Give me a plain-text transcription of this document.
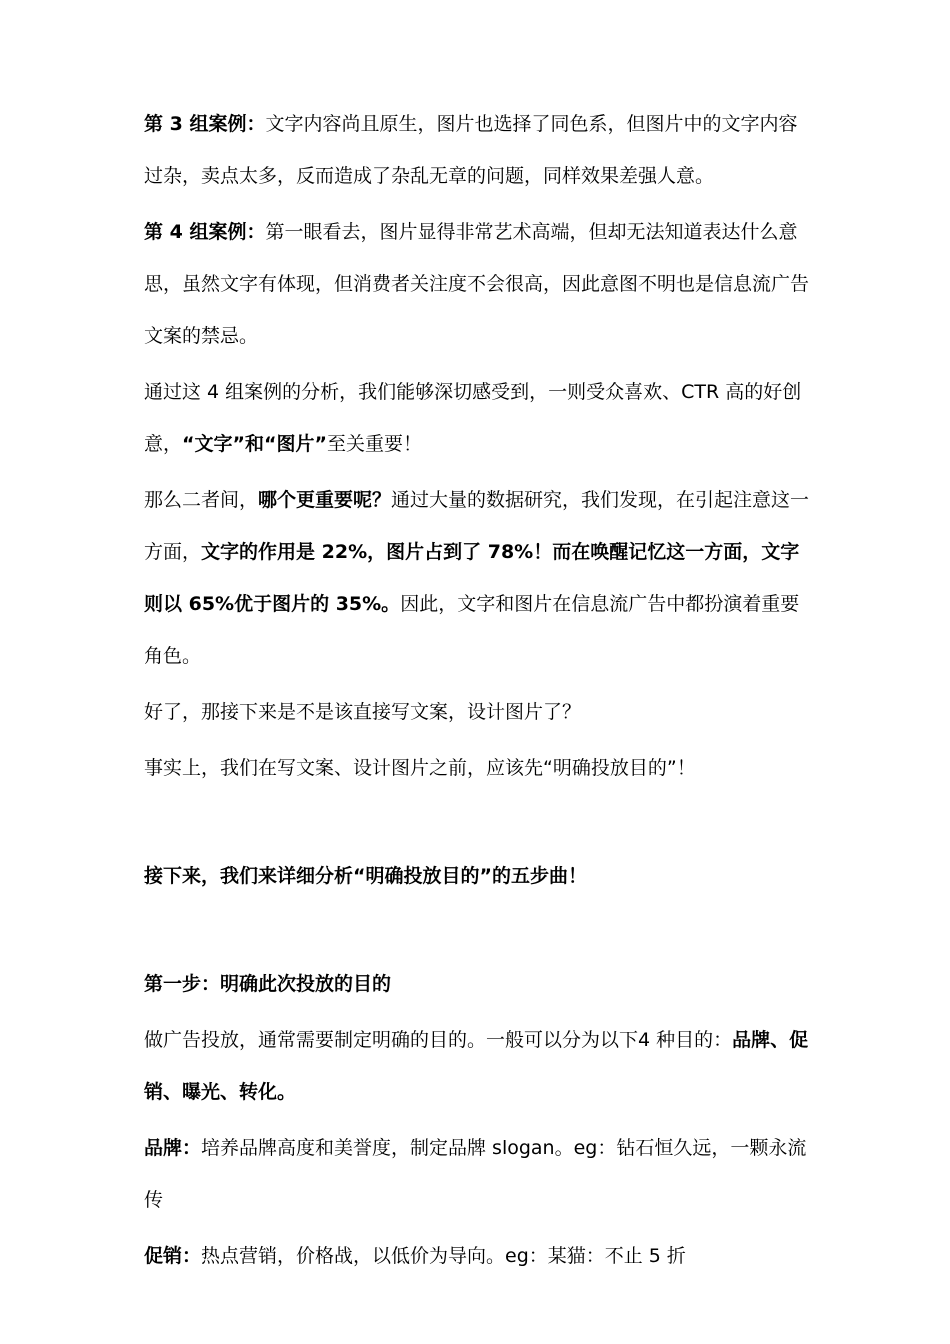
第 3 组案例：文字内容尚且原生，图片也选择了同色系，但图片中的文字内容过杂，卖点太多，反而造成了杂乱无章的问题，同样效果差强人意。

第 4 组案例：第一眼看去，图片显得非常艺术高端，但却无法知道表达什么意思，虽然文字有体现，但消费者关注度不会很高，因此意图不明也是信息流广告文案的禁忌。

通过这 4 组案例的分析，我们能够深切感受到，一则受众喜欢、CTR 高的好创意，“文字”和“图片”至关重要！

那么二者间，哪个更重要呢？通过大量的数据研究，我们发现，在引起注意这一方面，文字的作用是 22%，图片占到了 78%！而在唤醒记忆这一方面，文字则以 65%优于图片的 35%。因此，文字和图片在信息流广告中都扮演着重要角色。

好了，那接下来是不是该直接写文案，设计图片了？

事实上，我们在写文案、设计图片之前，应该先“明确投放目的”！

接下来，我们来详细分析“明确投放目的”的五步曲！

第一步：明确此次投放的目的

做广告投放，通常需要制定明确的目的。一般可以分为以下4 种目的：品牌、促销、曝光、转化。

品牌：培养品牌高度和美誉度，制定品牌 slogan。eg：钻石恒久远，一颗永流传

促销：热点营销，价格战，以低价为导向。eg：某猫：不止 5 折
